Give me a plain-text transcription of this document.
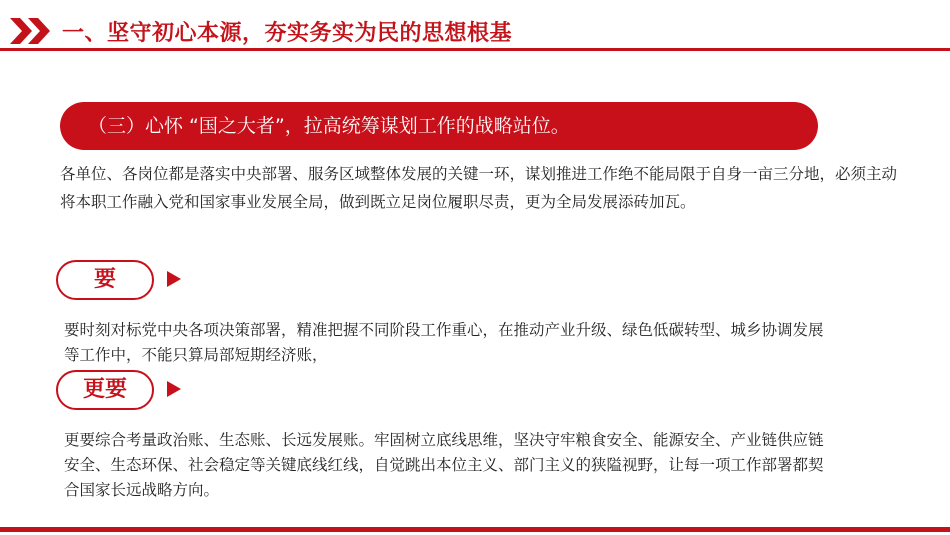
一、坚守初心本源，夯实务实为民的思想根基
（三）心怀 “国之大者”，拉高统筹谋划工作的战略站位。
各单位、各岗位都是落实中央部署、服务区域整体发展的关键一环，谋划推进工作绝不能局限于自身一亩三分地，必须主动将本职工作融入党和国家事业发展全局，做到既立足岗位履职尽责，更为全局发展添砖加瓦。
要
要时刻对标党中央各项决策部署，精准把握不同阶段工作重心，在推动产业升级、绿色低碳转型、城乡协调发展等工作中，不能只算局部短期经济账，
更要
更要综合考量政治账、生态账、长远发展账。牢固树立底线思维，坚决守牢粮食安全、能源安全、产业链供应链安全、生态环保、社会稳定等关键底线红线，自觉跳出本位主义、部门主义的狭隘视野，让每一项工作部署都契合国家长远战略方向。
